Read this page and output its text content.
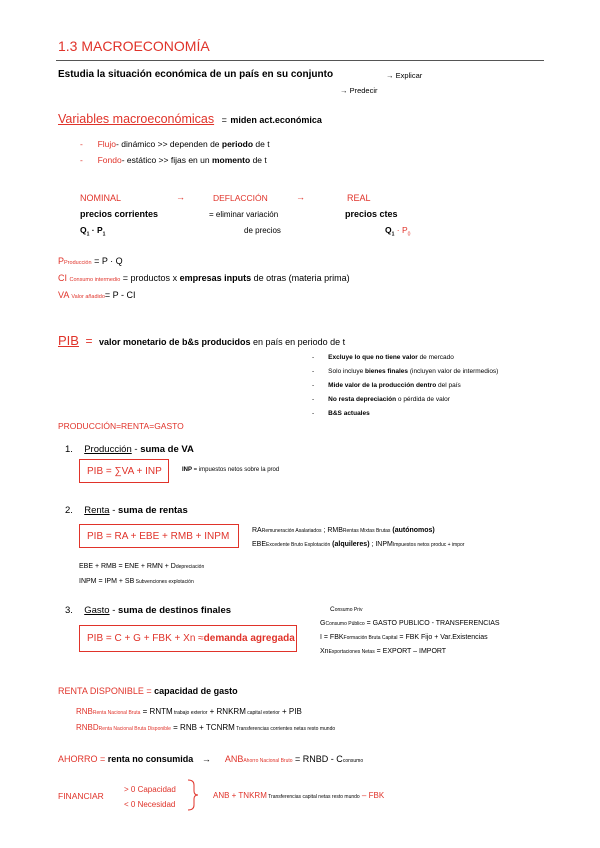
1.3 MACROECONOMÍA
Estudia la situación económica de un país en su conjunto	→ Explicar
→ Predecir
Variables macroeconómicas = miden act.económica
- Flujo- dinámico >> dependen de periodo de t
- Fondo- estático >> fijas en un momento de t
NOMINAL	→	DEFLACCIÓN	→	REAL
precios corrientes	= eliminar variación	precios ctes
$Q_1 \cdot P_1$	de precios	$Q_1 \cdot P_0$
PProducción = P · Q
CI Consumo intermedio = productos x empresas inputs de otras (materia prima)
VA Valor añadido= P - CI
PIB = valor monetario de b&s producidos en país en periodo de t
- Excluye lo que no tiene valor de mercado
- Solo incluye bienes finales (incluyen valor de intermedios)
- Mide valor de la producción dentro del país
- No resta depreciación o pérdida de valor
- B&S actuales
PRODUCCIÓN=RENTA=GASTO
1. Producción - suma de VA
PIB = ∑VA + INP	INP = impuestos netos sobre la prod
2. Renta - suma de rentas
PIB = RA + EBE + RMB + INPM	RARemuneración Asalariados ; RMBRentas Mixtas Brutas (autónomos)
EBEExcedente Bruto Explotación (alquileres) ; INPMImpuestos netos produc + impor
EBE + RMB = ENE + RMN + Ddepreciación
INPM = IPM + SB Subvenciones explotación
3. Gasto - suma de destinos finales
PIB = C + G + FBK + Xn ≈ demanda agregada
Consumo Priv
GConsumo Público = GASTO PUBLICO - TRANSFERENCIAS
I = FBKFormación Bruta Capital = FBK Fijo + Var.Existencias
XnExportaciones Netas = EXPORT – IMPORT
RENTA DISPONIBLE = capacidad de gasto
RNBRenta Nacional Bruta = RNTM trabajo exterior + RNKRM capital exterior + PIB
RNBDRenta Nacional Bruta Disponible = RNB + TCNRM Transferencias corrientes netas resto mundo
AHORRO = renta no consumida → ANBAhorro Nacional Bruto = RNBD - Cconsumo
FINANCIAR
> 0 Capacidad
< 0 Necesidad
ANB + TNKRM Transferencias capital netas resto mundo – FBK
